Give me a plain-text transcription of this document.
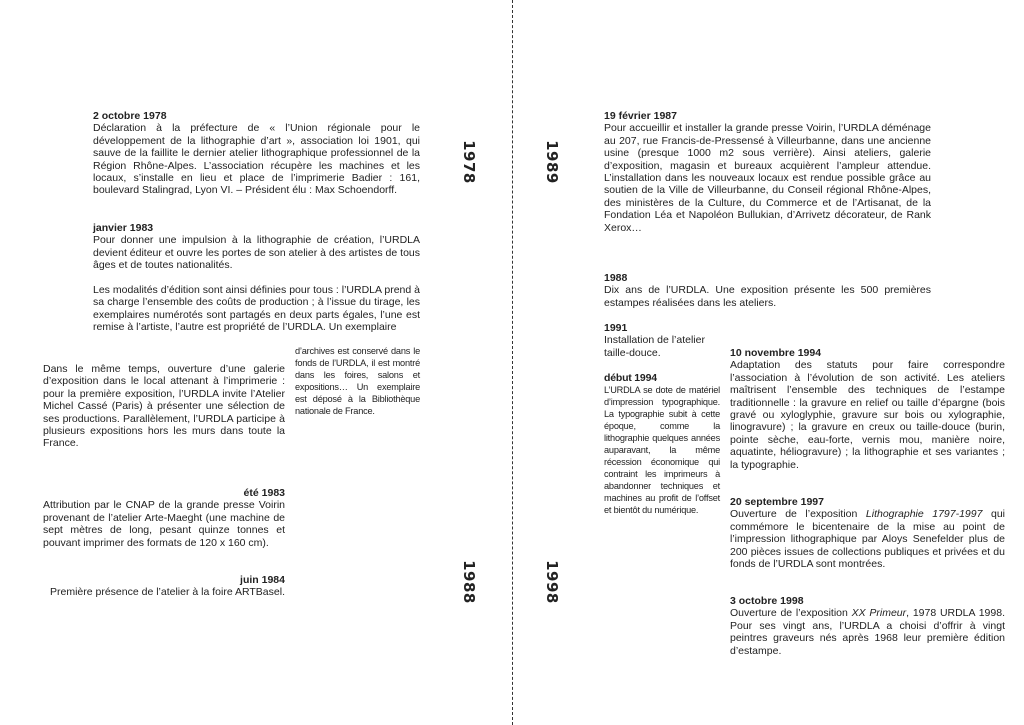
1978
1988
1989
1998
2 octobre 1978

Déclaration à la préfecture de « l’Union régionale pour le développement de la lithographie d’art », association loi 1901, qui sauve de la faillite le dernier atelier lithographique professionnel de la Région Rhône-Alpes. L’association récupère les machines et les locaux, s’installe en lieu et place de l’imprimerie Badier : 161, boulevard Stalingrad, Lyon VI. – Président élu : Max Schoendorff.

janvier 1983

Pour donner une impulsion à la lithographie de création, l’URDLA devient éditeur et ouvre les portes de son atelier à des artistes de tous âges et de toutes nationalités.

Les modalités d’édition sont ainsi définies pour tous : l’URDLA prend à sa charge l’ensemble des coûts de production ; à l’issue du tirage, les exemplaires numérotés sont partagés en deux parts égales, l’une est remise à l’artiste, l’autre est propriété de l’URDLA. Un exemplaire

d’archives est conservé dans le fonds de l’URDLA, il est montré dans les foires, salons et expositions… Un exemplaire est déposé à la Bibliothèque nationale de France.

Dans le même temps, ouverture d’une galerie d’exposition dans le local attenant à l’imprimerie : pour la première exposition, l’URDLA invite l’Atelier Michel Cassé (Paris) à présenter une sélection de ses productions. Parallèlement, l’URDLA participe à plusieurs expositions hors les murs dans toute la France.

été 1983

Attribution par le CNAP de la grande presse Voirin provenant de l’atelier Arte-Maeght (une machine de sept mètres de long, pesant quinze tonnes et pouvant imprimer des formats de 120 x 160 cm).

juin 1984

Première présence de l’atelier à la foire ARTBasel.

19 février 1987

Pour accueillir et installer la grande presse Voirin, l’URDLA déménage au 207, rue Francis-de-Pressensé à Villeurbanne, dans une ancienne usine (presque 1000 m2 sous verrière). Ainsi ateliers, galerie d’exposition, magasin et bureaux acquièrent l’ampleur attendue. L’installation dans les nouveaux locaux est rendue possible grâce au soutien de la Ville de Villeurbanne, du Conseil régional Rhône-Alpes, des ministères de la Culture, du Commerce et de l’Artisanat, de la Fondation Léa et Napoléon Bullukian, d’Arrivetz décorateur, de Rank Xerox…

1988

Dix ans de l’URDLA. Une exposition présente les 500 premières estampes réalisées dans les ateliers.

1991

Installation de l’atelier taille-douce.

début 1994

L’URDLA se dote de matériel d’impression typographique. La typographie subit à cette époque, comme la lithographie quelques années auparavant, la même récession économique qui contraint les imprimeurs à abandonner techniques et machines au profit de l’offset et bientôt du numérique.

10 novembre 1994

Adaptation des statuts pour faire correspondre l’association à l’évolution de son activité. Les ateliers maîtrisent l’ensemble des techniques de l’estampe traditionnelle : la gravure en relief ou taille d’épargne (bois gravé ou xyloglyphie, gravure sur bois ou xylographie, linogravure) ; la gravure en creux ou taille-douce (burin, pointe sèche, eau-forte, vernis mou, manière noire, aquatinte, héliogravure) ; la lithographie et ses variantes ; la typographie.

20 septembre 1997

Ouverture de l’exposition Lithographie 1797-1997 qui commémore le bicentenaire de la mise au point de l’impression lithographique par Aloys Senefelder plus de 200 pièces issues de collections publiques et privées et du fonds de l’URDLA sont montrées.

3 octobre 1998

Ouverture de l’exposition XX Primeur, 1978 URDLA 1998. Pour ses vingt ans, l’URDLA a choisi d’offrir à vingt peintres graveurs nés après 1968 leur première édition d’estampe.
